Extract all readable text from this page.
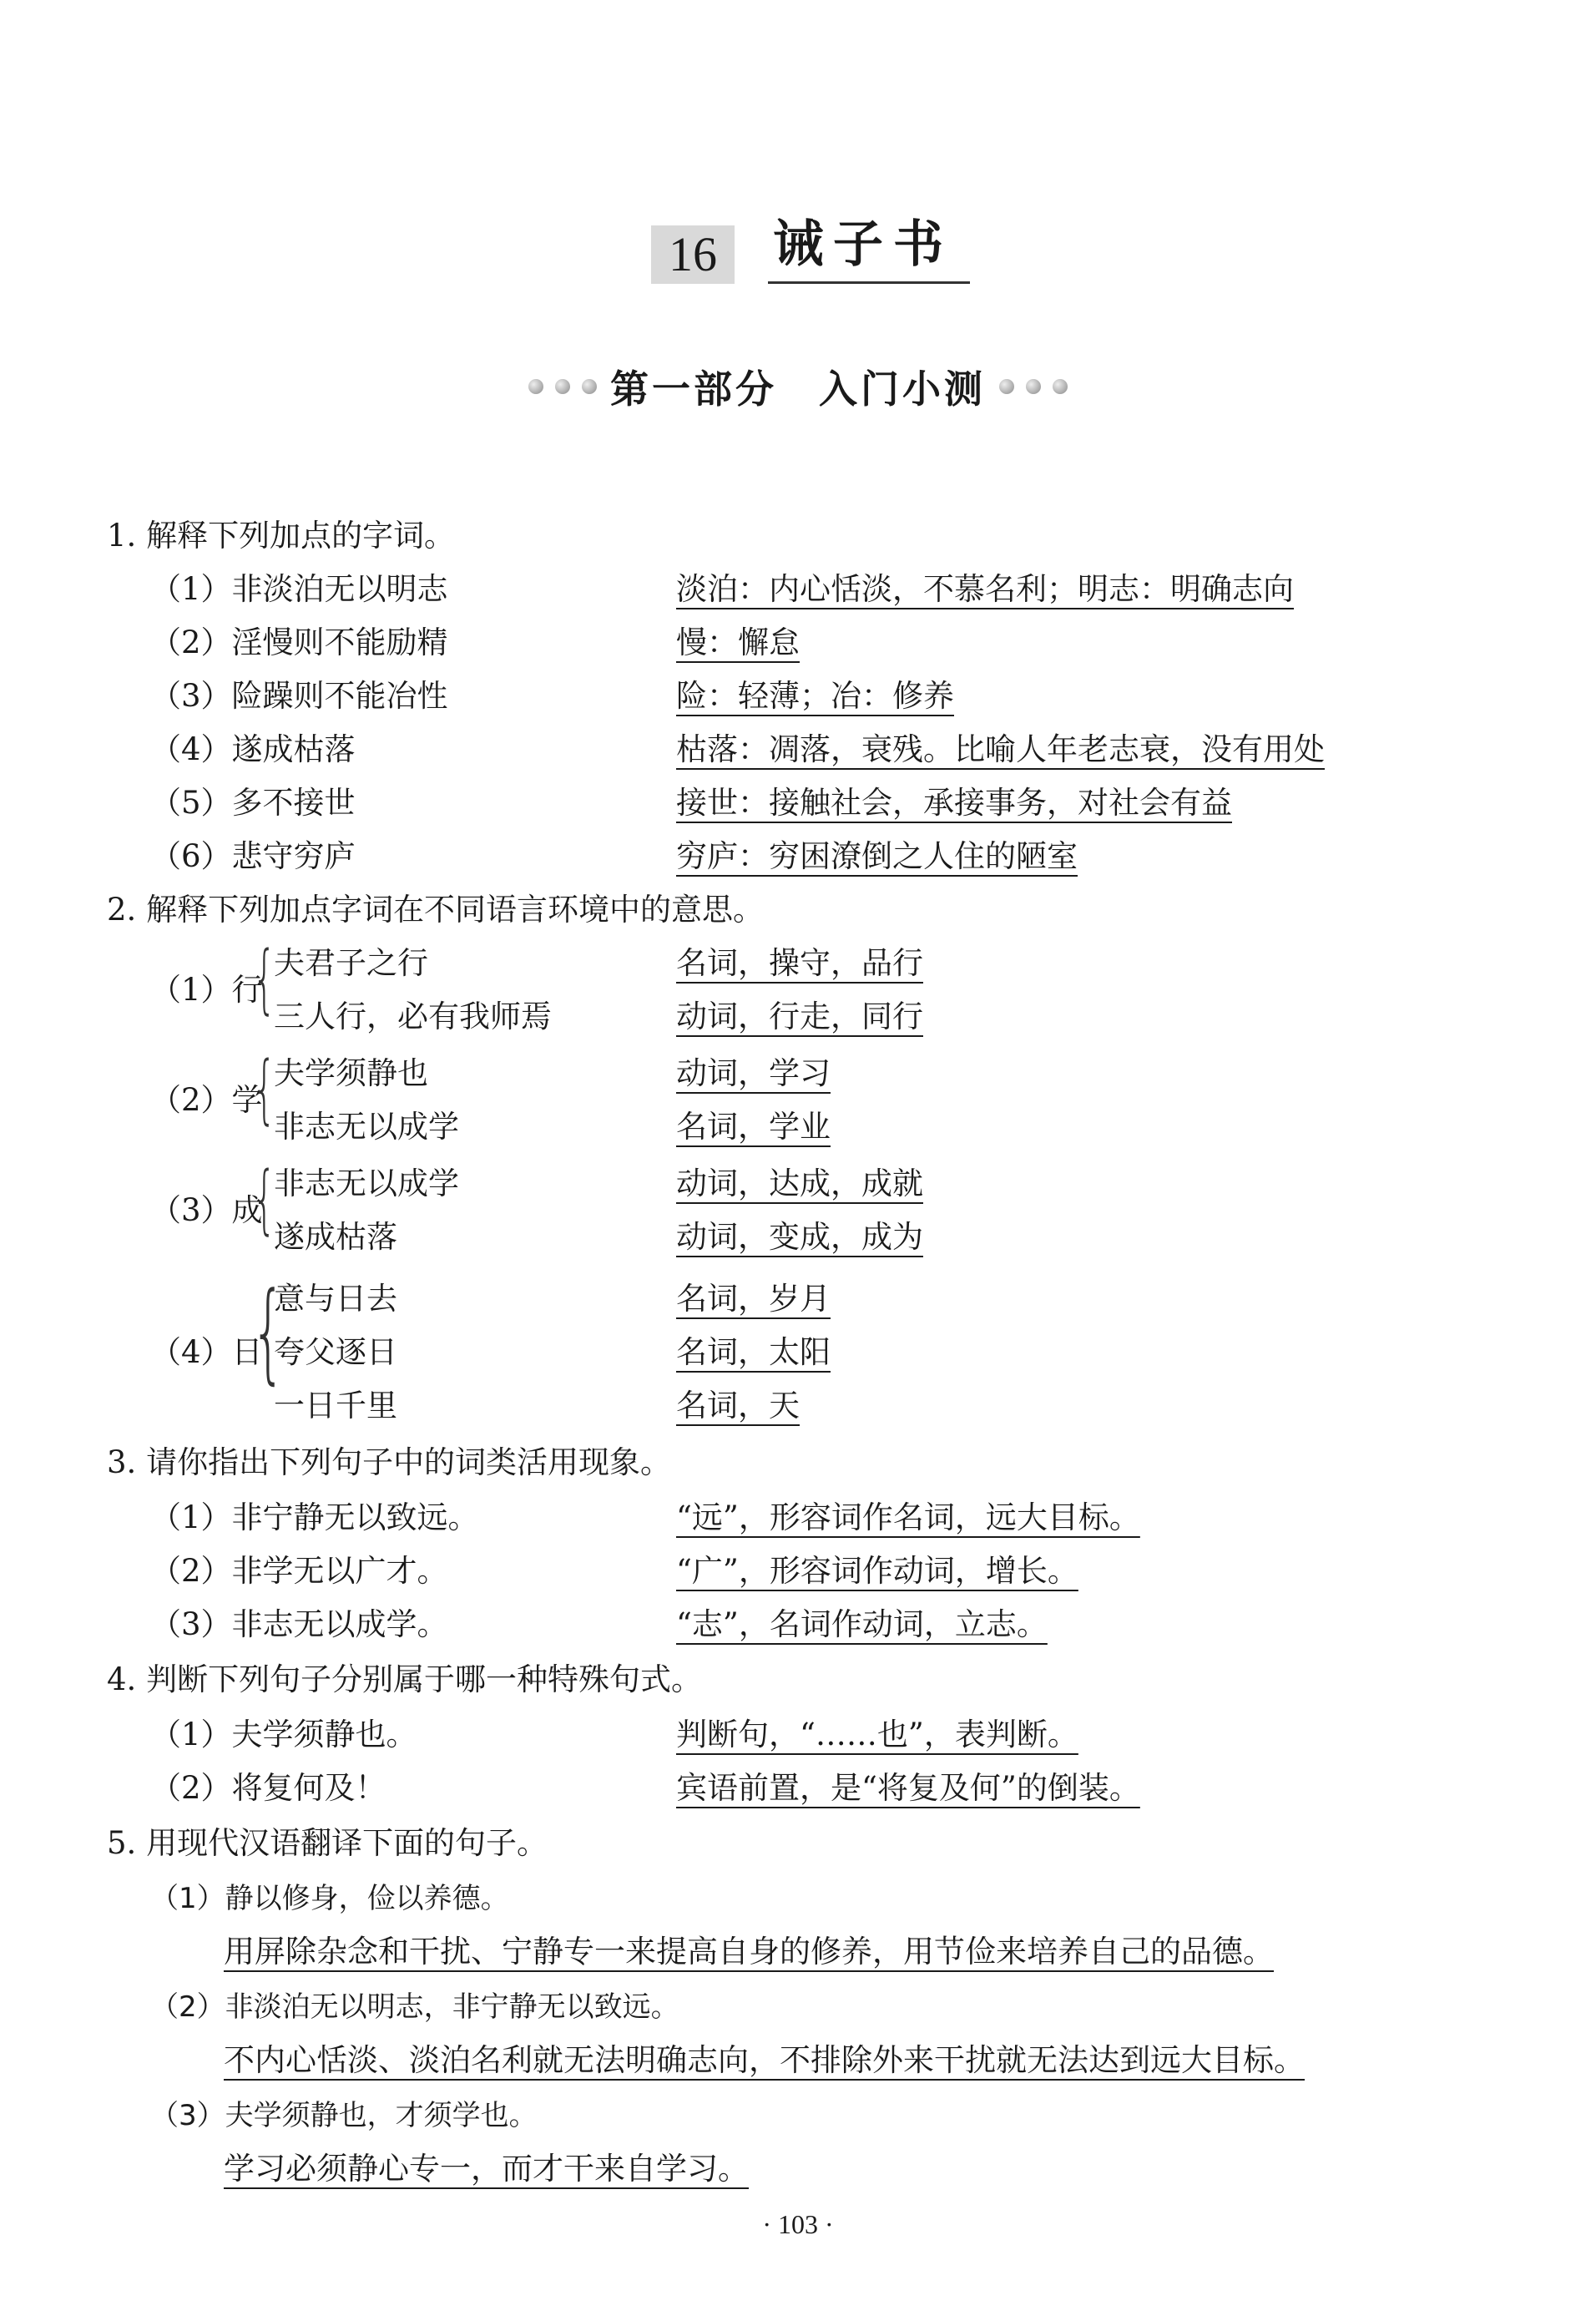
16	诫子书
第一部分 入门小测
1. 解释下列加点的字词。
（1）非淡泊无以明志	淡泊：内心恬淡，不慕名利；明志：明确志向
（2）淫慢则不能励精	慢：懈怠
（3）险躁则不能冶性	险：轻薄；冶：修养
（4）遂成枯落	枯落：凋落，衰残。比喻人年老志衰，没有用处
（5）多不接世	接世：接触社会，承接事务，对社会有益
（6）悲守穷庐	穷庐：穷困潦倒之人住的陋室
2. 解释下列加点字词在不同语言环境中的意思。
（1）行
{
夫君子之行	名词，操守，品行
三人行，必有我师焉	动词，行走，同行
（2）学
{
夫学须静也	动词，学习
非志无以成学	名词，学业
（3）成
{
非志无以成学	动词，达成，成就
遂成枯落	动词，变成，成为
（4）日
{
意与日去	名词，岁月
夸父逐日	名词，太阳
一日千里	名词，天
3. 请你指出下列句子中的词类活用现象。
（1）非宁静无以致远。	“远”，形容词作名词，远大目标。
（2）非学无以广才。	“广”，形容词作动词，增长。
（3）非志无以成学。	“志”，名词作动词，立志。
4. 判断下列句子分别属于哪一种特殊句式。
（1）夫学须静也。	判断句，“……也”，表判断。
（2）将复何及！	宾语前置，是“将复及何”的倒装。
5. 用现代汉语翻译下面的句子。
（1）静以修身，俭以养德。
用屏除杂念和干扰、宁静专一来提高自身的修养，用节俭来培养自己的品德。
（2）非淡泊无以明志，非宁静无以致远。
不内心恬淡、淡泊名利就无法明确志向，不排除外来干扰就无法达到远大目标。
（3）夫学须静也，才须学也。
学习必须静心专一，而才干来自学习。
· 103 ·
